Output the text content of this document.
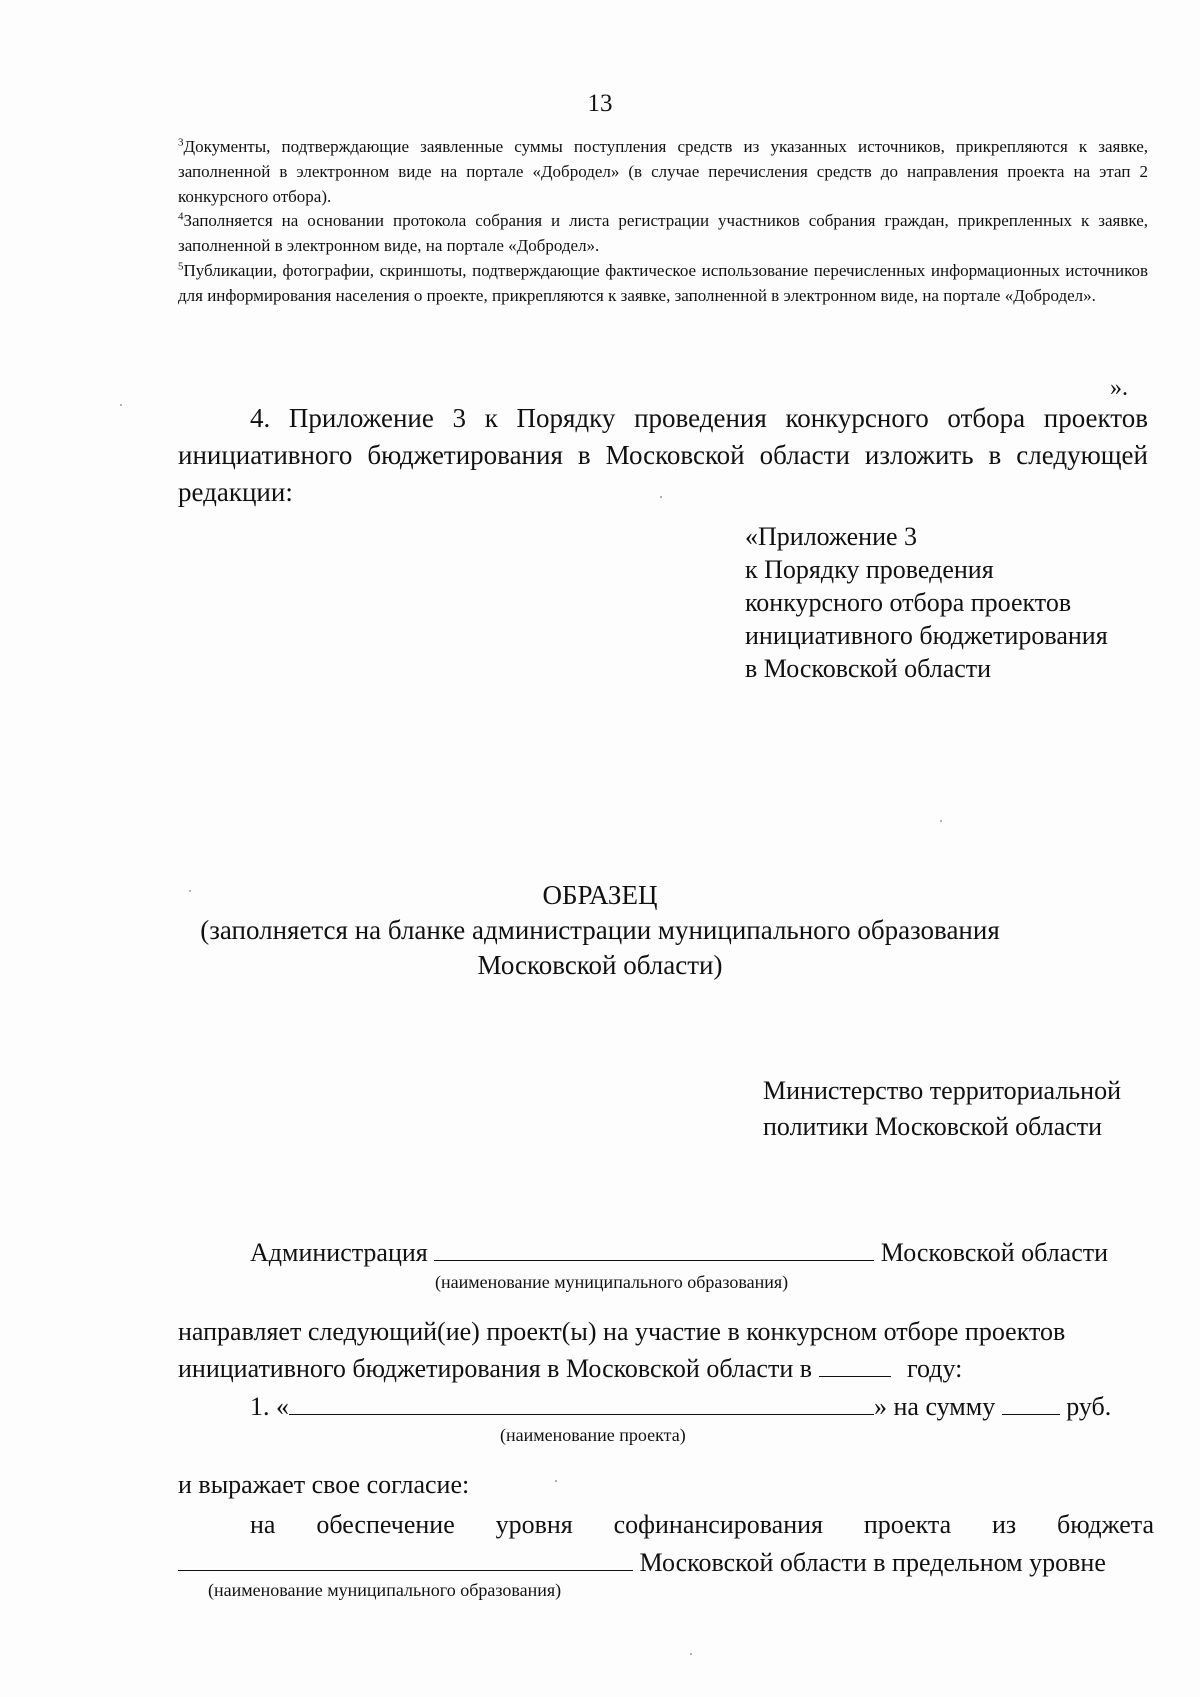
13
$^3$Документы, подтверждающие заявленные суммы поступления средств из указанных источников, прикрепляются к заявке, заполненной в электронном виде на портале «Добродел» (в случае перечисления средств до направления проекта на этап 2 конкурсного отбора).
$^4$Заполняется на основании протокола собрания и листа регистрации участников собрания граждан, прикрепленных к заявке, заполненной в электронном виде, на портале «Добродел».
$^5$Публикации, фотографии, скриншоты, подтверждающие фактическое использование перечисленных информационных источников для информирования населения о проекте, прикрепляются к заявке, заполненной в электронном виде, на портале «Добродел».
».
4. Приложение 3 к Порядку проведения конкурсного отбора проектов инициативного бюджетирования в Московской области изложить в следующей редакции:
«Приложение 3
к Порядку проведения
конкурсного отбора проектов
инициативного бюджетирования
в Московской области
ОБРАЗЕЦ
(заполняется на бланке администрации муниципального образования
Московской области)
Министерство территориальной
политики Московской области
Администрация	Московской области
(наименование муниципального образования)
направляет следующий(ие) проект(ы) на участие в конкурсном отборе проектов
инициативного бюджетирования в Московской области в	году:
1. «	» на сумму	руб.
(наименование проекта)
и выражает свое согласие:
на обеспечение уровня софинансирования проекта из бюджета
Московской области в предельном уровне
(наименование муниципального образования)
